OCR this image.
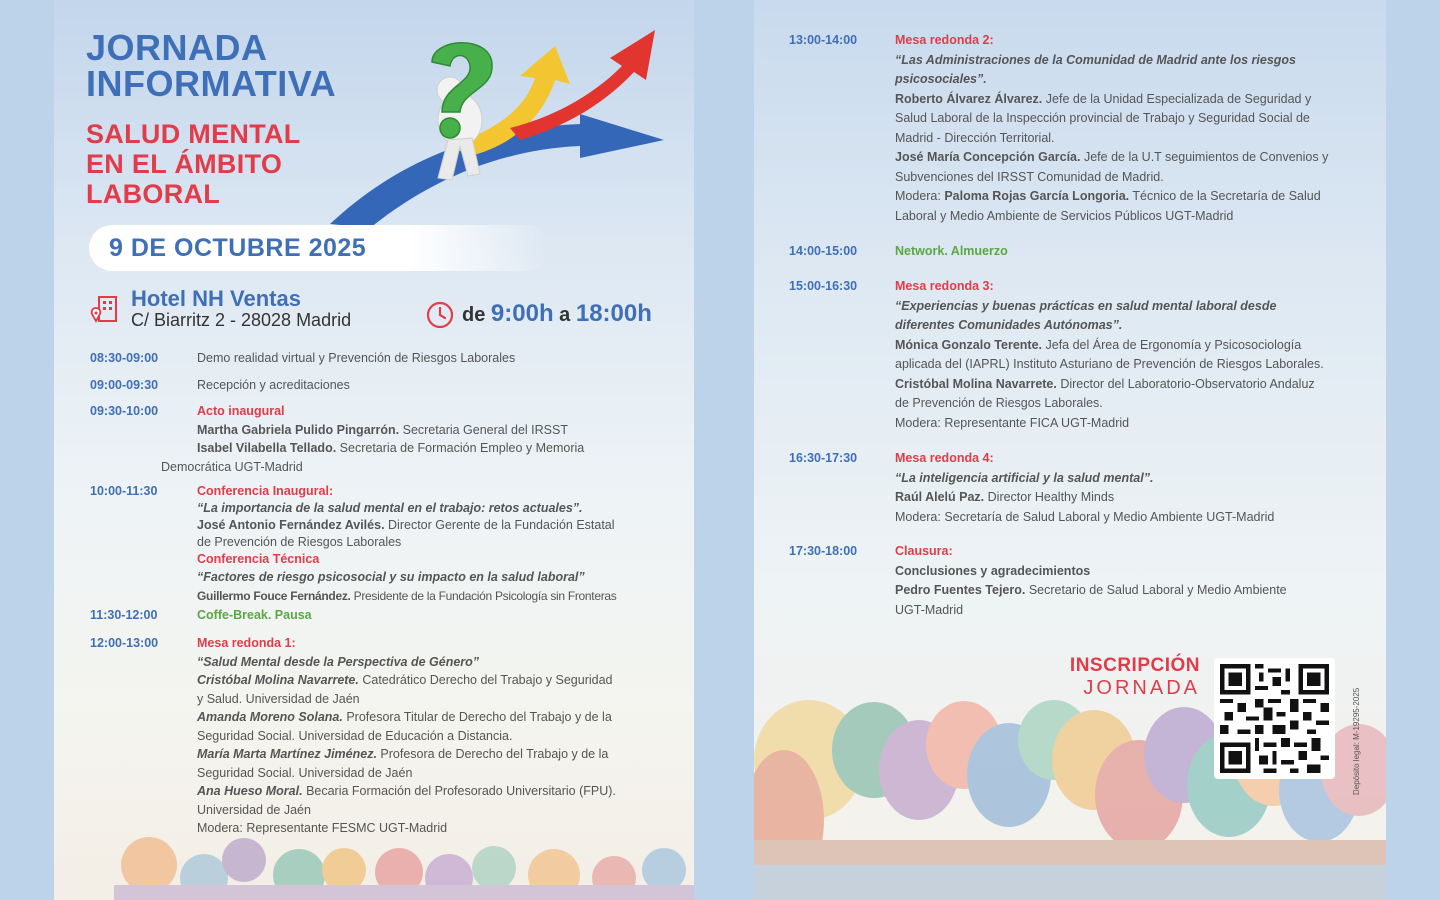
JORNADA
INFORMATIVA
SALUD MENTAL
EN EL ÁMBITO
LABORAL
9 DE OCTUBRE 2025
Hotel NH Ventas
C/ Biarritz 2 - 28028 Madrid	de 9:00h a 18:00h
08:30-09:00	Demo realidad virtual y Prevención de Riesgos Laborales
09:00-09:30	Recepción y acreditaciones
09:30-10:00	Acto inaugural
Martha Gabriela Pulido Pingarrón. Secretaria General del IRSST
Isabel Vilabella Tellado. Secretaria de Formación Empleo y Memoria
Democrática UGT-Madrid
10:00-11:30	Conferencia Inaugural:
“La importancia de la salud mental en el trabajo: retos actuales”.
José Antonio Fernández Avilés. Director Gerente de la Fundación Estatal
de Prevención de Riesgos Laborales
Conferencia Técnica
“Factores de riesgo psicosocial y su impacto en la salud laboral”
Guillermo Fouce Fernández. Presidente de la Fundación Psicología sin Fronteras
11:30-12:00	Coffe-Break. Pausa
12:00-13:00	Mesa redonda 1:
“Salud Mental desde la Perspectiva de Género”
Cristóbal Molina Navarrete. Catedrático Derecho del Trabajo y Seguridad
y Salud. Universidad de Jaén
Amanda Moreno Solana. Profesora Titular de Derecho del Trabajo y de la
Seguridad Social. Universidad de Educación a Distancia.
María Marta Martínez Jiménez. Profesora de Derecho del Trabajo y de la
Seguridad Social. Universidad de Jaén
Ana Hueso Moral. Becaria Formación del Profesorado Universitario (FPU).
Universidad de Jaén
Modera: Representante FESMC UGT-Madrid
13:00-14:00	Mesa redonda 2:
“Las Administraciones de la Comunidad de Madrid ante los riesgos
psicosociales”.
Roberto Álvarez Álvarez. Jefe de la Unidad Especializada de Seguridad y
Salud Laboral de la Inspección provincial de Trabajo y Seguridad Social de
Madrid - Dirección Territorial.
José María Concepción García. Jefe de la U.T seguimientos de Convenios y
Subvenciones del IRSST Comunidad de Madrid.
Modera: Paloma Rojas García Longoria. Técnico de la Secretaría de Salud
Laboral y Medio Ambiente de Servicios Públicos UGT-Madrid
14:00-15:00	Network. Almuerzo
15:00-16:30	Mesa redonda 3:
“Experiencias y buenas prácticas en salud mental laboral desde
diferentes Comunidades Autónomas”.
Mónica Gonzalo Terente. Jefa del Área de Ergonomía y Psicosociología
aplicada del (IAPRL) Instituto Asturiano de Prevención de Riesgos Laborales.
Cristóbal Molina Navarrete. Director del Laboratorio-Observatorio Andaluz
de Prevención de Riesgos Laborales.
Modera: Representante FICA UGT-Madrid
16:30-17:30	Mesa redonda 4:
“La inteligencia artificial y la salud mental”.
Raúl Alelú Paz. Director Healthy Minds
Modera: Secretaría de Salud Laboral y Medio Ambiente UGT-Madrid
17:30-18:00	Clausura:
Conclusiones y agradecimientos
Pedro Fuentes Tejero. Secretario de Salud Laboral y Medio Ambiente
UGT-Madrid
INSCRIPCIÓN
JORNADA	Depósito legal: M-19295-2025
